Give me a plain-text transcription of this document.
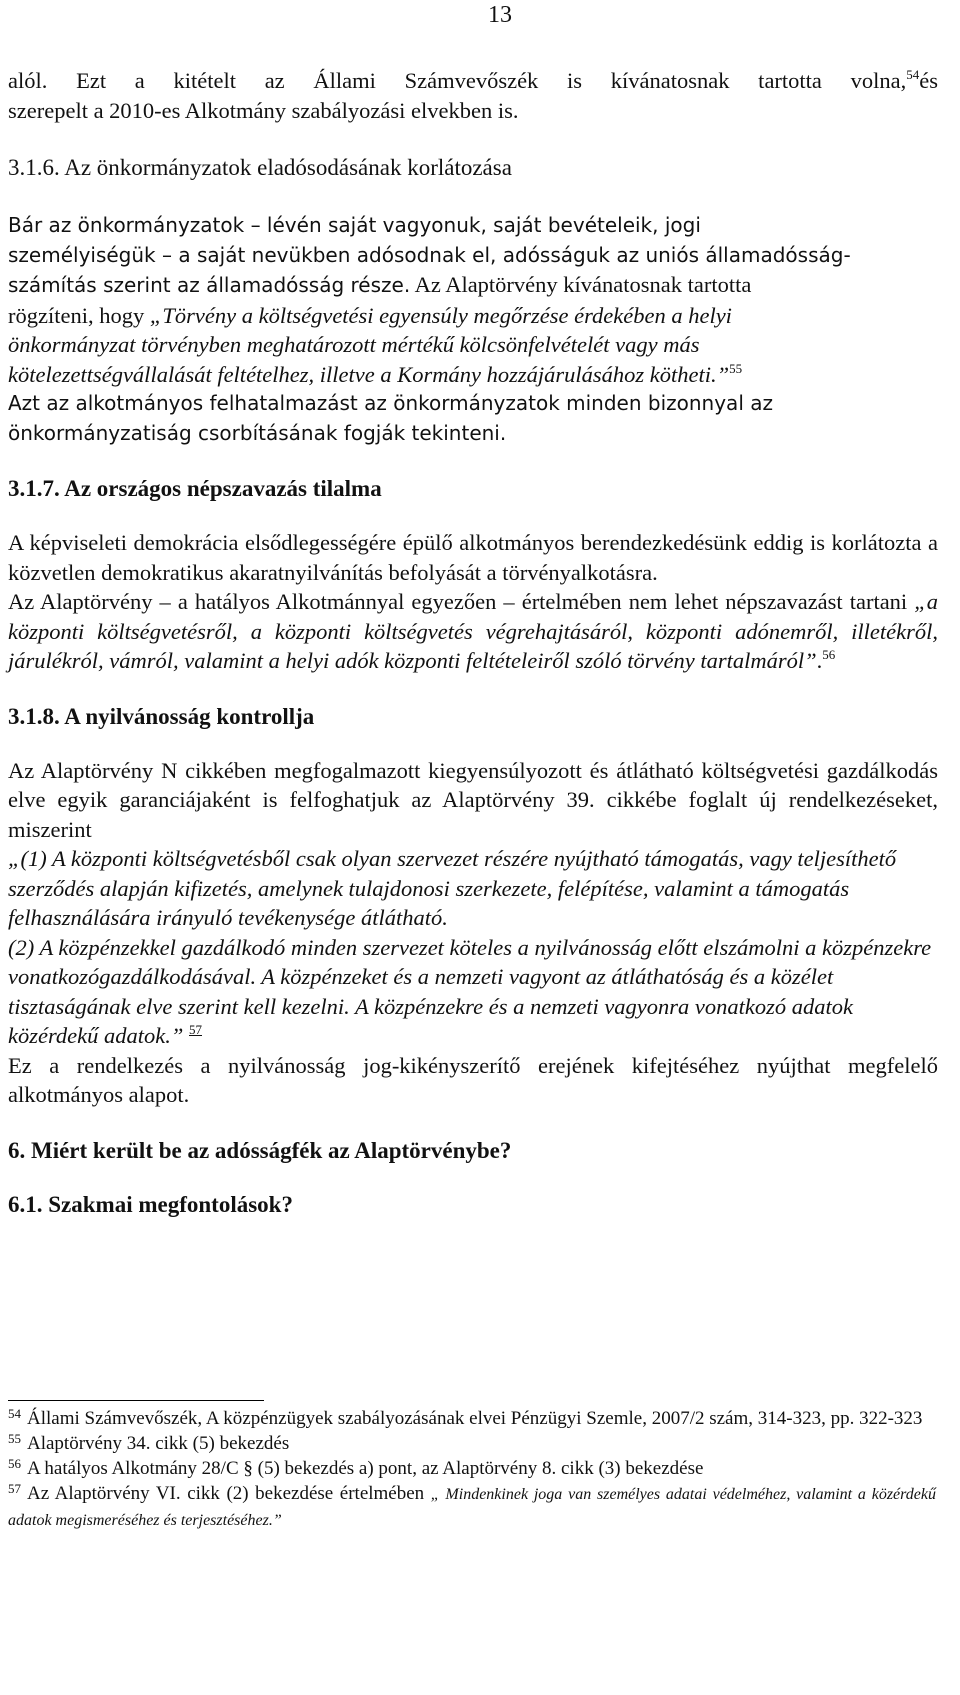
13
alól. Ezt a kitételt az Állami Számvevőszék is kívánatosnak tartotta volna,$^{54}$és
szerepelt a 2010-es Alkotmány szabályozási elvekben is.
3.1.6. Az önkormányzatok eladósodásának korlátozása
Bár az önkormányzatok – lévén saját vagyonuk, saját bevételeik, jogi
személyiségük – a saját nevükben adósodnak el, adósságuk az uniós államadósság-
számítás szerint az államadósság része. Az Alaptörvény kívánatosnak tartotta
rögzíteni, hogy „Törvény a költségvetési egyensúly megőrzése érdekében a helyi
önkormányzat törvényben meghatározott mértékű kölcsönfelvételét vagy más
kötelezettségvállalását feltételhez, illetve a Kormány hozzájárulásához kötheti.”$^{55}$
Azt az alkotmányos felhatalmazást az önkormányzatok minden bizonnyal az
önkormányzatiság csorbításának fogják tekinteni.
3.1.7. Az országos népszavazás tilalma
A képviseleti demokrácia elsődlegességére épülő alkotmányos berendezkedésünk eddig is korlátozta a közvetlen demokratikus akaratnyilvánítás befolyását a törvényalkotásra.
Az Alaptörvény – a hatályos Alkotmánnyal egyezően – értelmében nem lehet népszavazást tartani „a központi költségvetésről, a központi költségvetés végrehajtásáról, központi adónemről, illetékről, járulékról, vámról, valamint a helyi adók központi feltételeiről szóló törvény tartalmáról”.$^{56}$
3.1.8. A nyilvánosság kontrollja
Az Alaptörvény N cikkében megfogalmazott kiegyensúlyozott és átlátható költségvetési gazdálkodás elve egyik garanciájaként is felfoghatjuk az Alaptörvény 39. cikkébe foglalt új rendelkezéseket, miszerint
„(1) A központi költségvetésből csak olyan szervezet részére nyújtható támogatás, vagy teljesíthető szerződés alapján kifizetés, amelynek tulajdonosi szerkezete, felépítése, valamint a támogatás felhasználására irányuló tevékenysége átlátható.
(2) A közpénzekkel gazdálkodó minden szervezet köteles a nyilvánosság előtt elszámolni a közpénzekre vonatkozógazdálkodásával. A közpénzeket és a nemzeti vagyont az átláthatóság és a közélet tisztaságának elve szerint kell kezelni. A közpénzekre és a nemzeti vagyonra vonatkozó adatok közérdekű adatok.” $^{57}$
Ez a rendelkezés a nyilvánosság jog-kikényszerítő erejének kifejtéséhez nyújthat megfelelő alkotmányos alapot.
6. Miért került be az adósságfék az Alaptörvénybe?
6.1. Szakmai megfontolások?
$^{54}$ Állami Számvevőszék, A közpénzügyek szabályozásának elvei Pénzügyi Szemle, 2007/2 szám, 314-323, pp. 322-323
$^{55}$ Alaptörvény 34. cikk (5) bekezdés
$^{56}$ A hatályos Alkotmány 28/C § (5) bekezdés a) pont, az Alaptörvény 8. cikk (3) bekezdése
$^{57}$ Az Alaptörvény VI. cikk (2) bekezdése értelmében „ Mindenkinek joga van személyes adatai védelméhez, valamint a közérdekű adatok megismeréséhez és terjesztéséhez.”
